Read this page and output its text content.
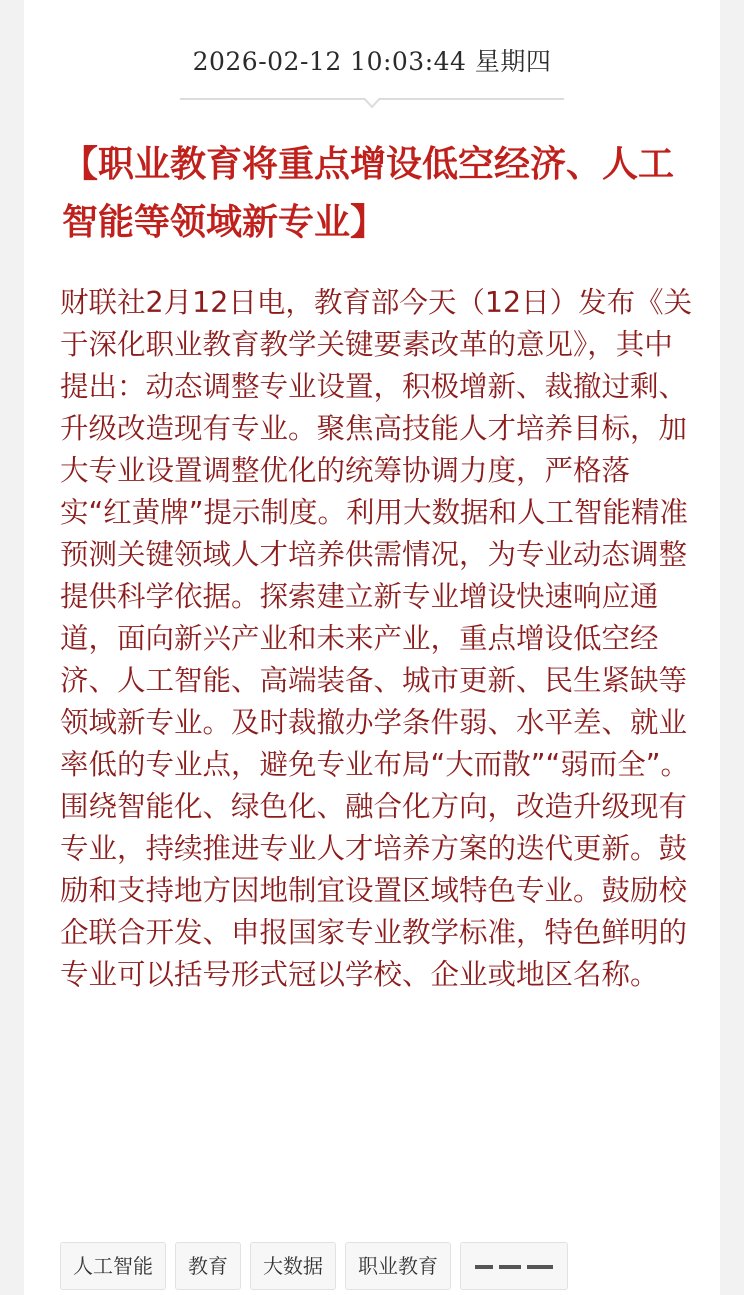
2026-02-12 10:03:44 星期四
【职业教育将重点增设低空经济、人工智能等领域新专业】

财联社2月12日电，教育部今天（12日）发布《关于深化职业教育教学关键要素改革的意见》，其中提出：动态调整专业设置，积极增新、裁撤过剩、升级改造现有专业。聚焦高技能人才培养目标，加大专业设置调整优化的统筹协调力度，严格落实“红黄牌”提示制度。利用大数据和人工智能精准预测关键领域人才培养供需情况，为专业动态调整提供科学依据。探索建立新专业增设快速响应通道，面向新兴产业和未来产业，重点增设低空经济、人工智能、高端装备、城市更新、民生紧缺等领域新专业。及时裁撤办学条件弱、水平差、就业率低的专业点，避免专业布局“大而散”“弱而全”。围绕智能化、绿色化、融合化方向，改造升级现有专业，持续推进专业人才培养方案的迭代更新。鼓励和支持地方因地制宜设置区域特色专业。鼓励校企联合开发、申报国家专业教学标准，特色鲜明的专业可以括号形式冠以学校、企业或地区名称。

人工智能	教育	大数据	职业教育
